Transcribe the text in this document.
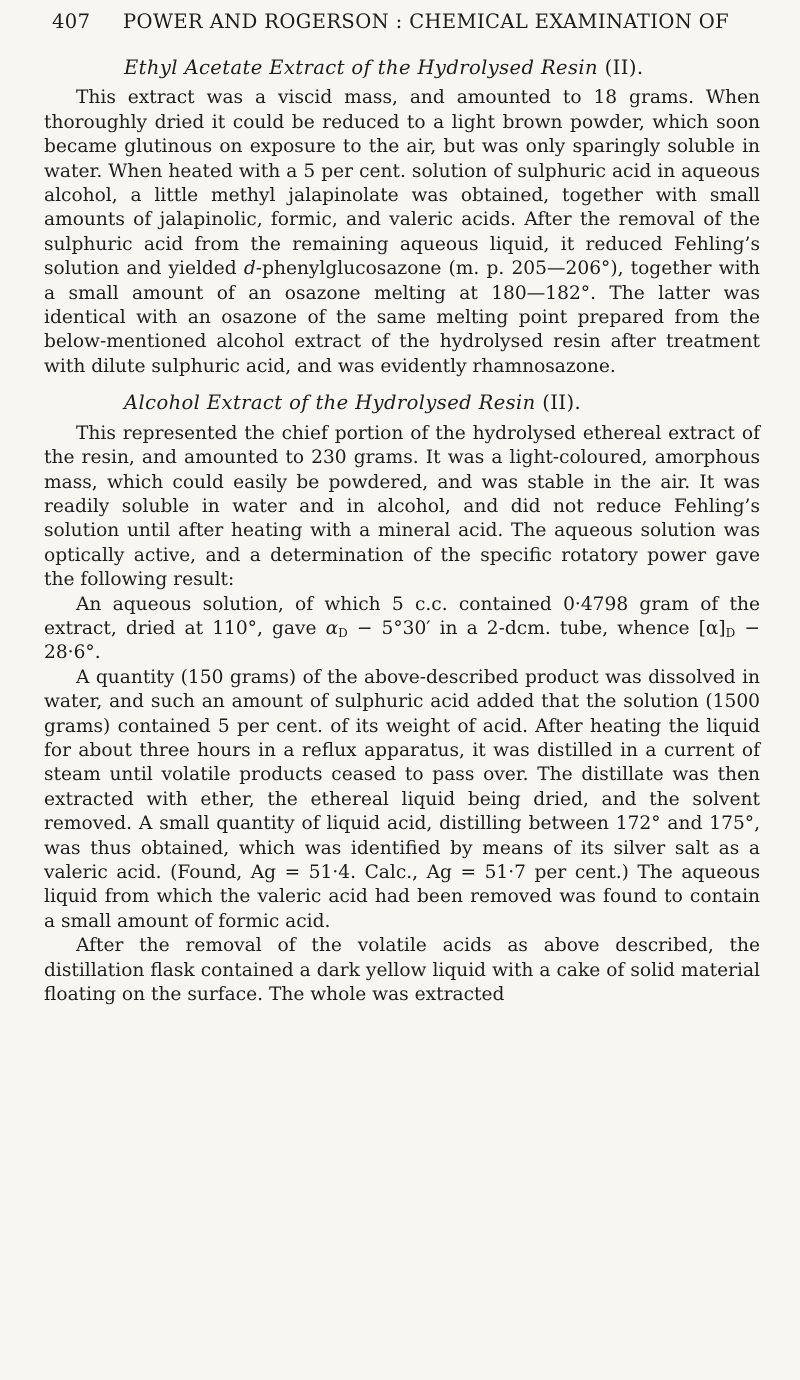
407 POWER AND ROGERSON : CHEMICAL EXAMINATION OF
Ethyl Acetate Extract of the Hydrolysed Resin (II).

This extract was a viscid mass, and amounted to 18 grams. When thoroughly dried it could be reduced to a light brown powder, which soon became glutinous on exposure to the air, but was only sparingly soluble in water. When heated with a 5 per cent. solution of sulphuric acid in aqueous alcohol, a little methyl jalapinolate was obtained, together with small amounts of jalapinolic, formic, and valeric acids. After the removal of the sulphuric acid from the remaining aqueous liquid, it reduced Fehling’s solution and yielded d-phenylglucosazone (m. p. 205—206°), together with a small amount of an osazone melting at 180—182°. The latter was identical with an osazone of the same melting point prepared from the below-mentioned alcohol extract of the hydrolysed resin after treatment with dilute sulphuric acid, and was evidently rhamnosazone.

Alcohol Extract of the Hydrolysed Resin (II).

This represented the chief portion of the hydrolysed ethereal extract of the resin, and amounted to 230 grams. It was a light-coloured, amorphous mass, which could easily be powdered, and was stable in the air. It was readily soluble in water and in alcohol, and did not reduce Fehling’s solution until after heating with a mineral acid. The aqueous solution was optically active, and a determination of the specific rotatory power gave the following result:

An aqueous solution, of which 5 c.c. contained 0·4798 gram of the extract, dried at 110°, gave $\alpha_D - 5^\circ 30'$ in a 2-dcm. tube, whence $[\alpha]_D - 28\cdot 6^\circ$.

A quantity (150 grams) of the above-described product was dissolved in water, and such an amount of sulphuric acid added that the solution (1500 grams) contained 5 per cent. of its weight of acid. After heating the liquid for about three hours in a reflux apparatus, it was distilled in a current of steam until volatile products ceased to pass over. The distillate was then extracted with ether, the ethereal liquid being dried, and the solvent removed. A small quantity of liquid acid, distilling between 172° and 175°, was thus obtained, which was identified by means of its silver salt as a valeric acid. (Found, Ag = 51·4. Calc., Ag = 51·7 per cent.) The aqueous liquid from which the valeric acid had been removed was found to contain a small amount of formic acid.

After the removal of the volatile acids as above described, the distillation flask contained a dark yellow liquid with a cake of solid material floating on the surface. The whole was extracted
